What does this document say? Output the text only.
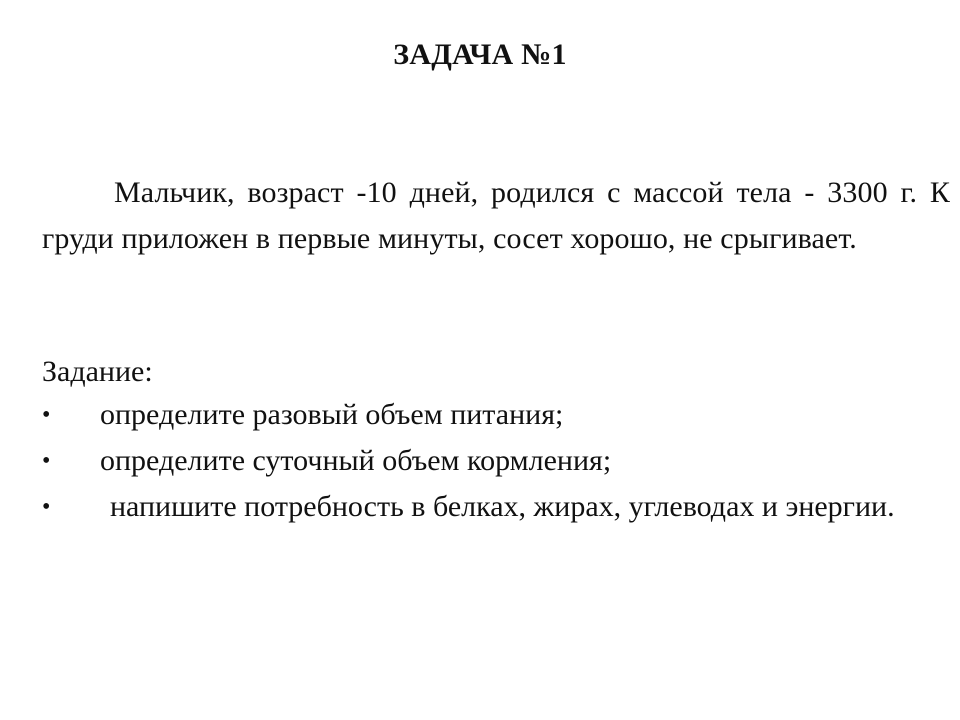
ЗАДАЧА №1
Мальчик, возраст -10 дней, родился с массой тела - 3300 г. К груди приложен в первые минуты, сосет хорошо, не срыгивает.
Задание:
• определите разовый объем питания;
• определите суточный объем кормления;
•	напишите потребность в белках, жирах, углеводах и энергии.
